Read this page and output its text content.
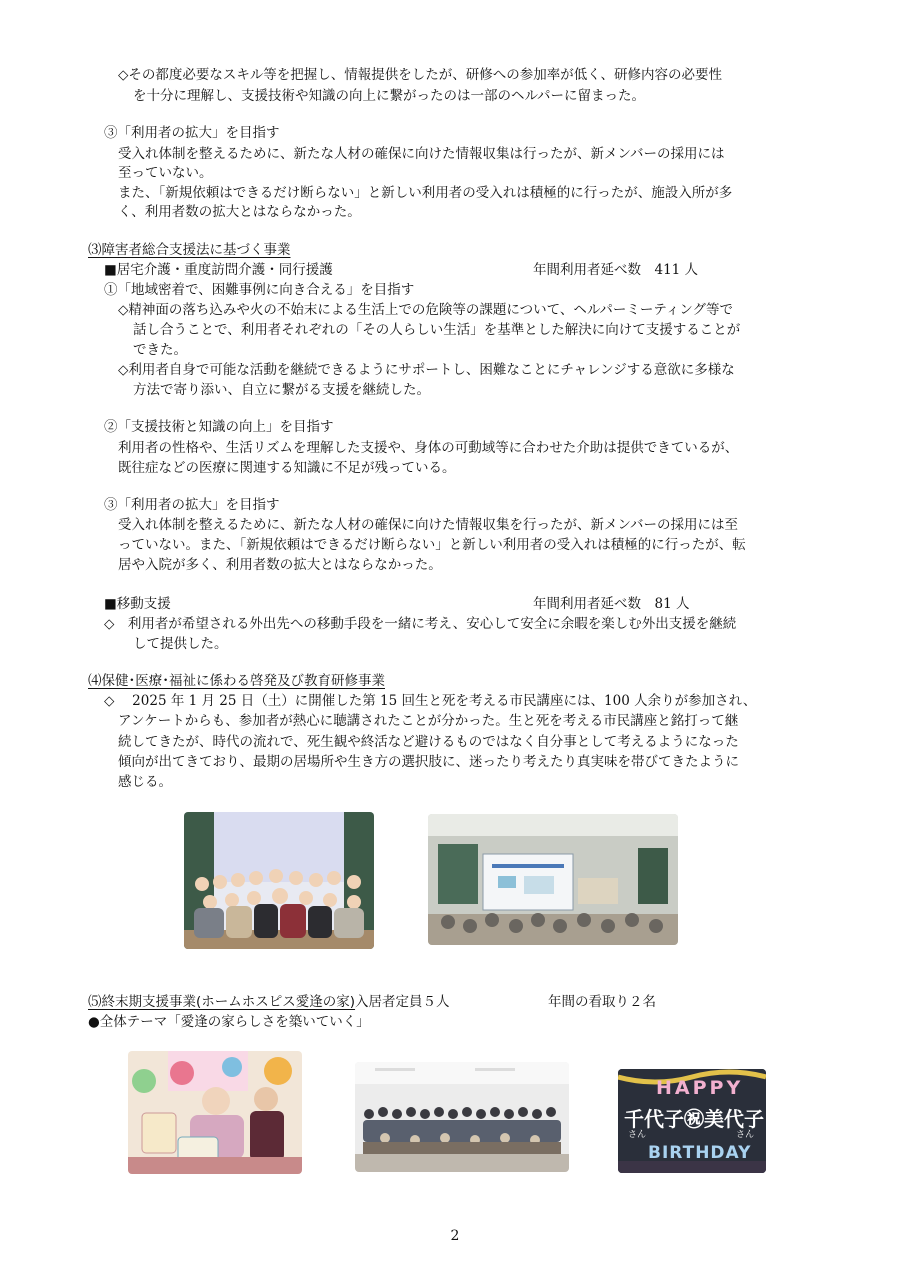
◇その都度必要なスキル等を把握し、情報提供をしたが、研修への参加率が低く、研修内容の必要性
を十分に理解し、支援技術や知識の向上に繋がったのは一部のヘルパーに留まった。
③「利用者の拡大」を目指す
受入れ体制を整えるために、新たな人材の確保に向けた情報収集は行ったが、新メンバーの採用には
至っていない。
また、「新規依頼はできるだけ断らない」と新しい利用者の受入れは積極的に行ったが、施設入所が多
く、利用者数の拡大とはならなかった。
⑶障害者総合支援法に基づく事業
■居宅介護・重度訪問介護・同行援護	年間利用者延べ数　411 人
①「地域密着で、困難事例に向き合える」を目指す
◇精神面の落ち込みや火の不始末による生活上での危険等の課題について、ヘルパーミーティング等で
話し合うことで、利用者それぞれの「その人らしい生活」を基準とした解決に向けて支援することが
できた。
◇利用者自身で可能な活動を継続できるようにサポートし、困難なことにチャレンジする意欲に多様な
方法で寄り添い、自立に繋がる支援を継続した。
②「支援技術と知識の向上」を目指す
利用者の性格や、生活リズムを理解した支援や、身体の可動域等に合わせた介助は提供できているが、
既往症などの医療に関連する知識に不足が残っている。
③「利用者の拡大」を目指す
受入れ体制を整えるために、新たな人材の確保に向けた情報収集を行ったが、新メンバーの採用には至
っていない。また、「新規依頼はできるだけ断らない」と新しい利用者の受入れは積極的に行ったが、転
居や入院が多く、利用者数の拡大とはならなかった。
■移動支援	年間利用者延べ数　81 人
◇　利用者が希望される外出先への移動手段を一緒に考え、安心して安全に余暇を楽しむ外出支援を継続
して提供した。
⑷保健･医療･福祉に係わる啓発及び教育研修事業
◇　 2025 年 1 月 25 日（土）に開催した第 15 回生と死を考える市民講座には、100 人余りが参加され、
アンケートからも、参加者が熱心に聴講されたことが分かった。生と死を考える市民講座と銘打って継
続してきたが、時代の流れで、死生観や終活など避けるものではなく自分事として考えるようになった
傾向が出てきており、最期の居場所や生き方の選択肢に、迷ったり考えたり真実味を帯びてきたように
感じる。
⑸終末期支援事業(ホームホスピス愛逢の家)入居者定員５人	年間の看取り２名
●全体テーマ「愛逢の家らしさを築いていく」
HAPPY
千代子㊗美代子
さん	さん
BIRTHDAY
2
